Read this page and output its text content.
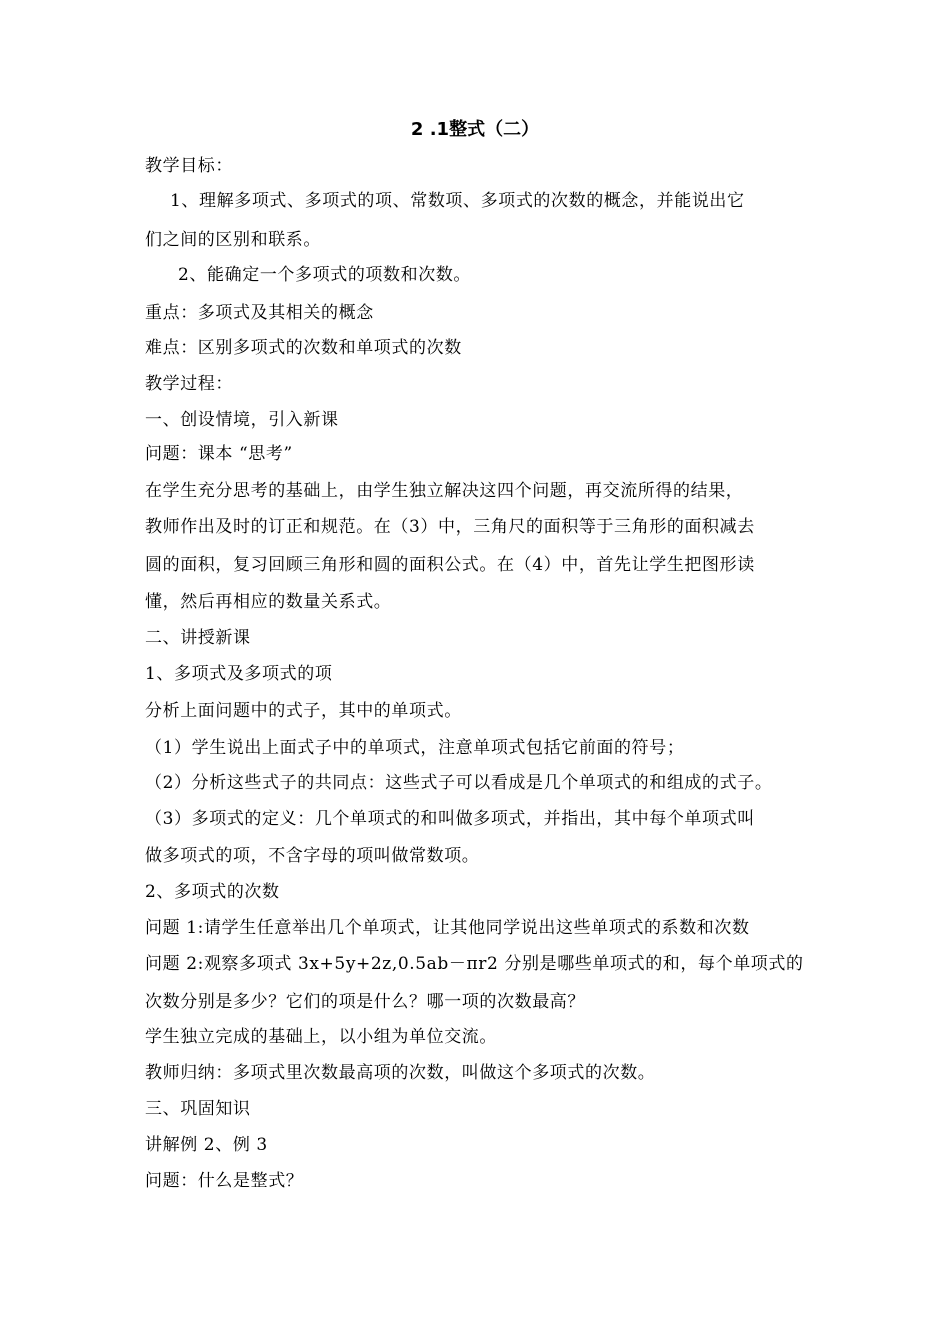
2 .1整式（二）
教学目标：
1、理解多项式、多项式的项、常数项、多项式的次数的概念，并能说出它
们之间的区别和联系。
2、能确定一个多项式的项数和次数。
重点：多项式及其相关的概念
难点：区别多项式的次数和单项式的次数
教学过程：
一、创设情境，引入新课
问题：课本 “思考”
在学生充分思考的基础上，由学生独立解决这四个问题，再交流所得的结果，
教师作出及时的订正和规范。在（3）中，三角尺的面积等于三角形的面积减去
圆的面积，复习回顾三角形和圆的面积公式。在（4）中，首先让学生把图形读
懂，然后再相应的数量关系式。
二、讲授新课
1、多项式及多项式的项
分析上面问题中的式子，其中的单项式。
（1）学生说出上面式子中的单项式，注意单项式包括它前面的符号；
（2）分析这些式子的共同点：这些式子可以看成是几个单项式的和组成的式子。
（3）多项式的定义：几个单项式的和叫做多项式，并指出，其中每个单项式叫
做多项式的项，不含字母的项叫做常数项。
2、多项式的次数
问题 1:请学生任意举出几个单项式，让其他同学说出这些单项式的系数和次数
问题 2:观察多项式 3x+5y+2z,0.5ab－πr2 分别是哪些单项式的和，每个单项式的
次数分别是多少？它们的项是什么？哪一项的次数最高？
学生独立完成的基础上，以小组为单位交流。
教师归纳：多项式里次数最高项的次数，叫做这个多项式的次数。
三、巩固知识
讲解例 2、例 3
问题：什么是整式？
